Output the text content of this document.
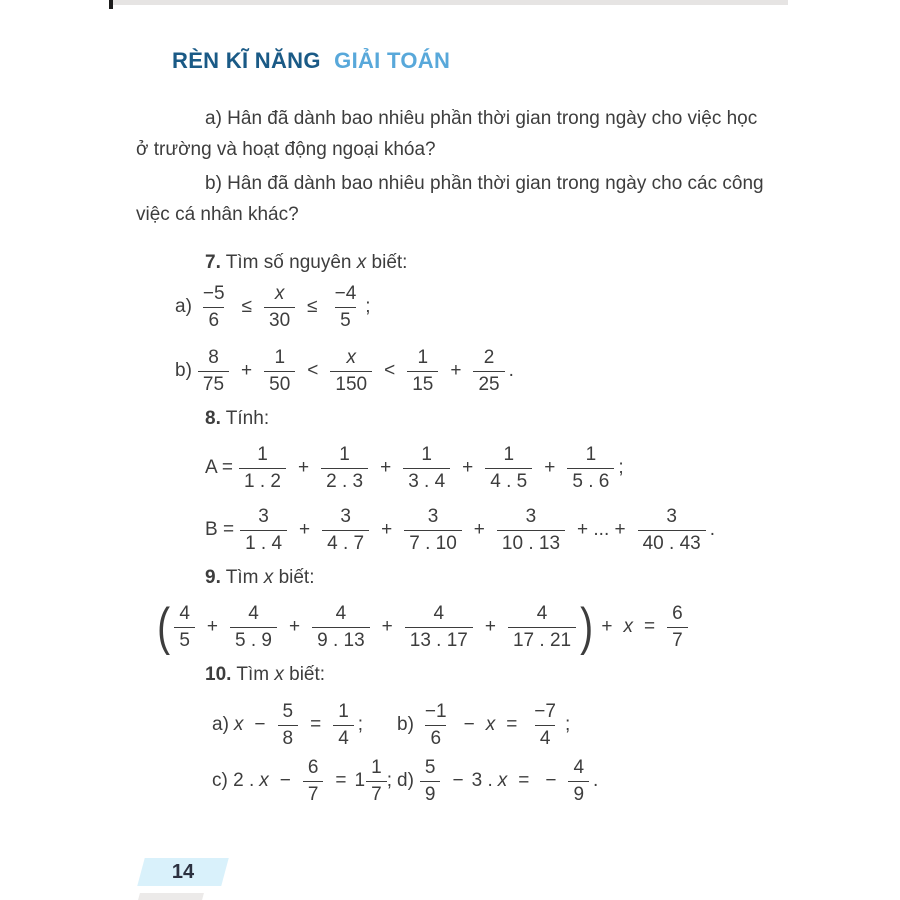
RÈN KĨ NĂNG GIẢI TOÁN
a) Hân đã dành bao nhiêu phần thời gian trong ngày cho việc học
ở trường và hoạt động ngoại khóa?
b) Hân đã dành bao nhiêu phần thời gian trong ngày cho các công
việc cá nhân khác?
7. Tìm số nguyên x biết:
$a) \frac{-5}{6} \le \frac{x}{30} \le \frac{-4}{5}$ ;
$b) \frac{8}{75} + \frac{1}{50} < \frac{x}{150} < \frac{1}{15} + \frac{2}{25}$ .
8. Tính:
$A = \frac{1}{1 . 2} + \frac{1}{2 . 3} + \frac{1}{3 . 4} + \frac{1}{4 . 5} + \frac{1}{5 . 6}$ ;
$B = \frac{3}{1 . 4} + \frac{3}{4 . 7} + \frac{3}{7 . 10} + \frac{3}{10 . 13}$ + ... + $\frac{3}{40 . 43}$ .
9. Tìm x biết:
( $\frac{4}{5} + \frac{4}{5 . 9} + \frac{4}{9 . 13} + \frac{4}{13 . 17} + \frac{4}{17 . 21}$ ) + $x = \frac{6}{7}$
10. Tìm x biết:
a) $x - \frac{5}{8} = \frac{1}{4}$ ; $b) \frac{-1}{6} - x = \frac{-7}{4}$ ;
c) 2 . $x - \frac{6}{7} = 1 \frac{1}{7}$ ; $d) \frac{5}{9} - 3$ . x = − $\frac{4}{9}$ .
14
